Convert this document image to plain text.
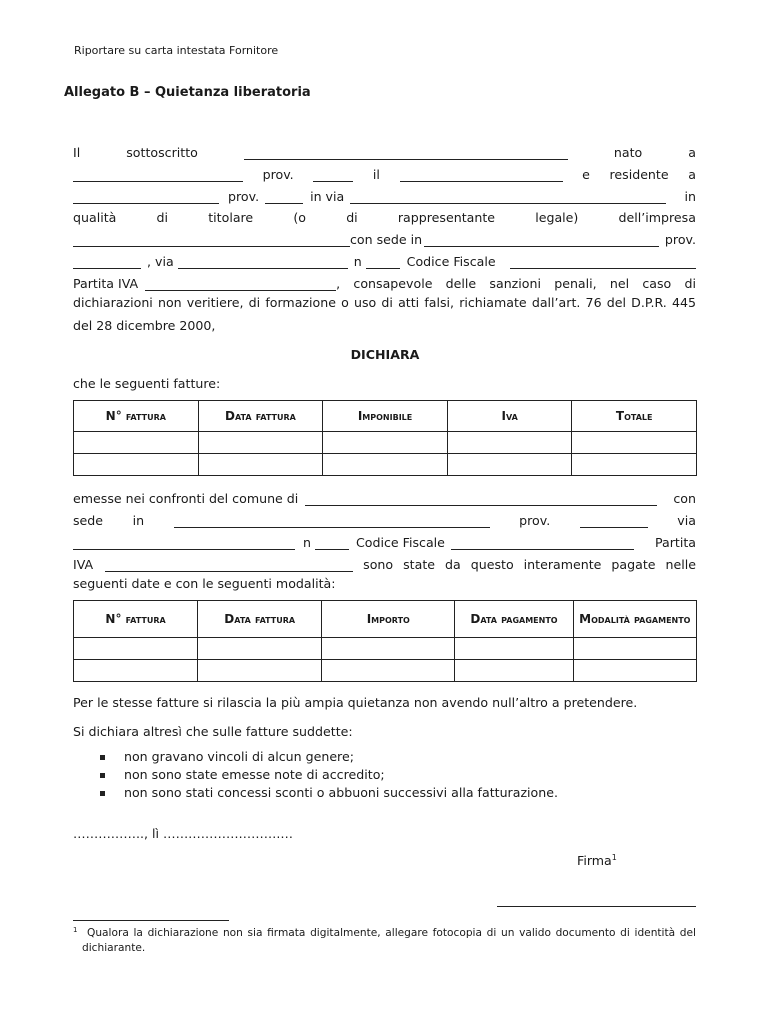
Riportare su carta intestata Fornitore
Allegato B – Quietanza liberatoria
Il	sottoscritto	nato	a
prov.	il	e residente a
prov.	in via	in
qualità	di	titolare	(o	di	rappresentante	legale)	dell’impresa
con sede in	prov.
, via	n	Codice Fiscale
Partita IVA	, consapevole delle sanzioni penali, nel caso di
dichiarazioni non veritiere, di formazione o uso di atti falsi, richiamate dall’art. 76 del D.P.R. 445
del 28 dicembre 2000,
DICHIARA
che le seguenti fatture:
N° fattura	Data fattura	Imponibile	Iva	Totale

emesse nei confronti del comune di	con
sede in	prov.	via
n	Codice Fiscale	Partita
IVA	sono state da questo interamente pagate nelle
seguenti date e con le seguenti modalità:
N° fattura	Data fattura	Importo	Data pagamento	Modalità pagamento

Per le stesse fatture si rilascia la più ampia quietanza non avendo null’altro a pretendere.
Si dichiara altresì che sulle fatture suddette:
non gravano vincoli di alcun genere;
non sono state emesse note di accredito;
non sono stati concessi sconti o abbuoni successivi alla fatturazione.
…………….., lì ……………………….…
Firma$^1$
1 Qualora la dichiarazione non sia firmata digitalmente, allegare fotocopia di un valido documento di identità del dichiarante.
